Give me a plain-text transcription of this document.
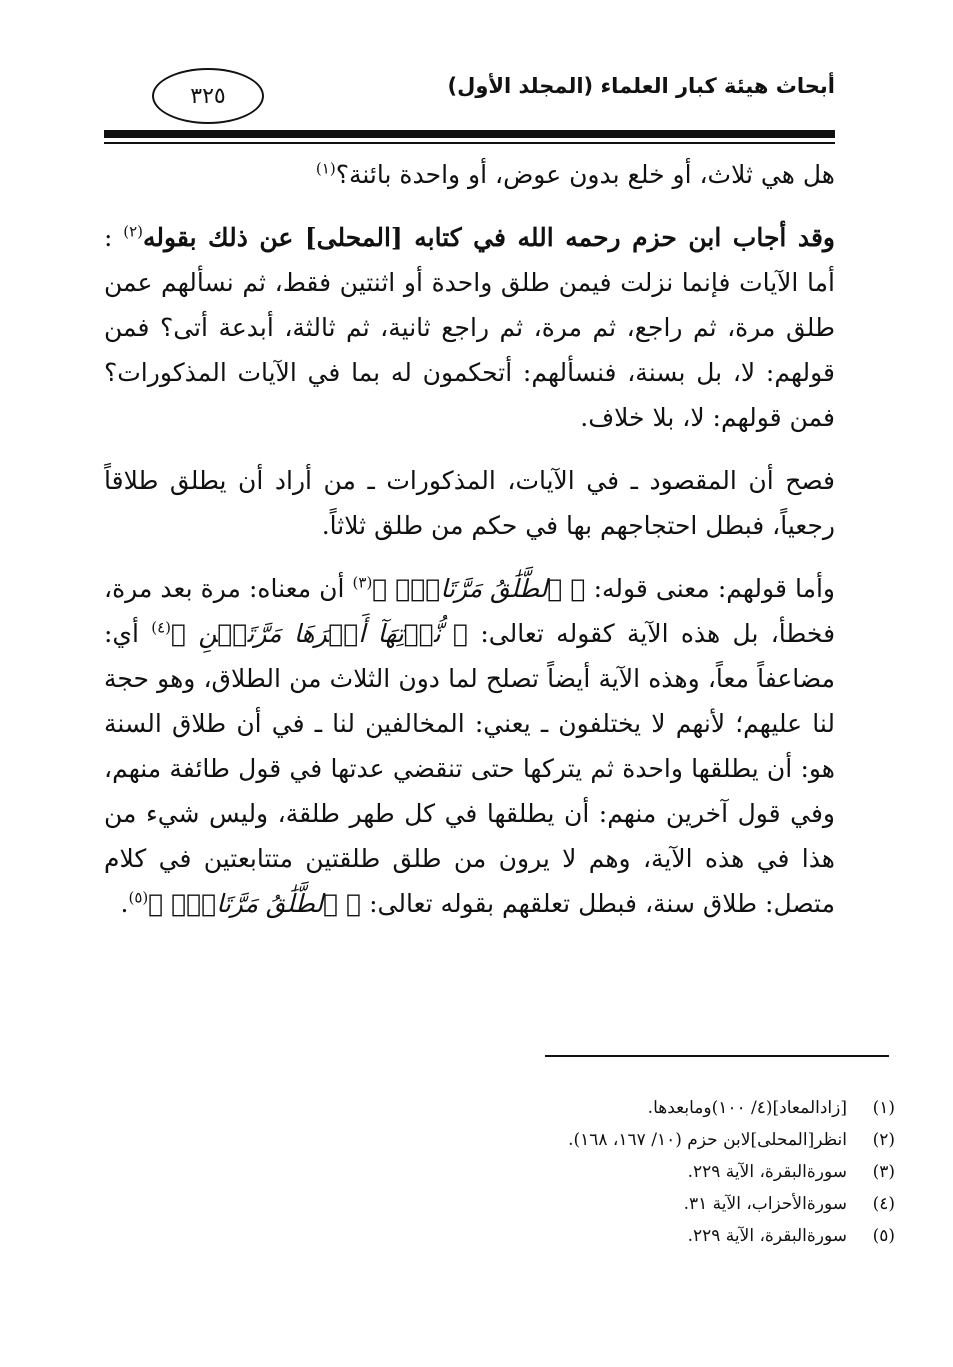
أبحاث هيئة كبار العلماء (المجلد الأول)
٣٢٥

هل هي ثلاث، أو خلع بدون عوض، أو واحدة بائنة؟$^{(١)}$

وقد أجاب ابن حزم رحمه الله في كتابه [المحلى] عن ذلك بقوله$^{(٢)}$ : أما الآيات فإنما نزلت فيمن طلق واحدة أو اثنتين فقط، ثم نسألهم عمن طلق مرة، ثم راجع، ثم مرة، ثم راجع ثانية، ثم ثالثة، أبدعة أتى؟ فمن قولهم: لا، بل بسنة، فنسألهم: أتحكمون له بما في الآيات المذكورات؟ فمن قولهم: لا، بلا خلاف.

فصح أن المقصود ـ في الآيات، المذكورات ـ من أراد أن يطلق طلاقاً رجعياً، فبطل احتجاجهم بها في حكم من طلق ثلاثاً.

وأما قولهم: معنى قوله: ﴿ ٱلطَّلَٰقُ مَرَّتَانِۖ ﴾$^{(٣)}$ أن معناه: مرة بعد مرة، فخطأ، بل هذه الآية كقوله تعالى: ﴿ نُّؤۡتِهَآ أَجۡرَهَا مَرَّتَيۡنِ ﴾$^{(٤)}$ أي: مضاعفاً معاً، وهذه الآية أيضاً تصلح لما دون الثلاث من الطلاق، وهو حجة لنا عليهم؛ لأنهم لا يختلفون ـ يعني: المخالفين لنا ـ في أن طلاق السنة هو: أن يطلقها واحدة ثم يتركها حتى تنقضي عدتها في قول طائفة منهم، وفي قول آخرين منهم: أن يطلقها في كل طهر طلقة، وليس شيء من هذا في هذه الآية، وهم لا يرون من طلق طلقتين متتابعتين في كلام متصل: طلاق سنة، فبطل تعلقهم بقوله تعالى: ﴿ ٱلطَّلَٰقُ مَرَّتَانِۖ ﴾$^{(٥)}$.

(١)
[زادالمعاد](٤/ ١٠٠)ومابعدها.
(٢)
انظر[المحلى]لابن حزم (١٠/ ١٦٧، ١٦٨).
(٣)
سورةالبقرة، الآية ٢٢٩.
(٤)
سورةالأحزاب، الآية ٣١.
(٥)
سورةالبقرة، الآية ٢٢٩.
